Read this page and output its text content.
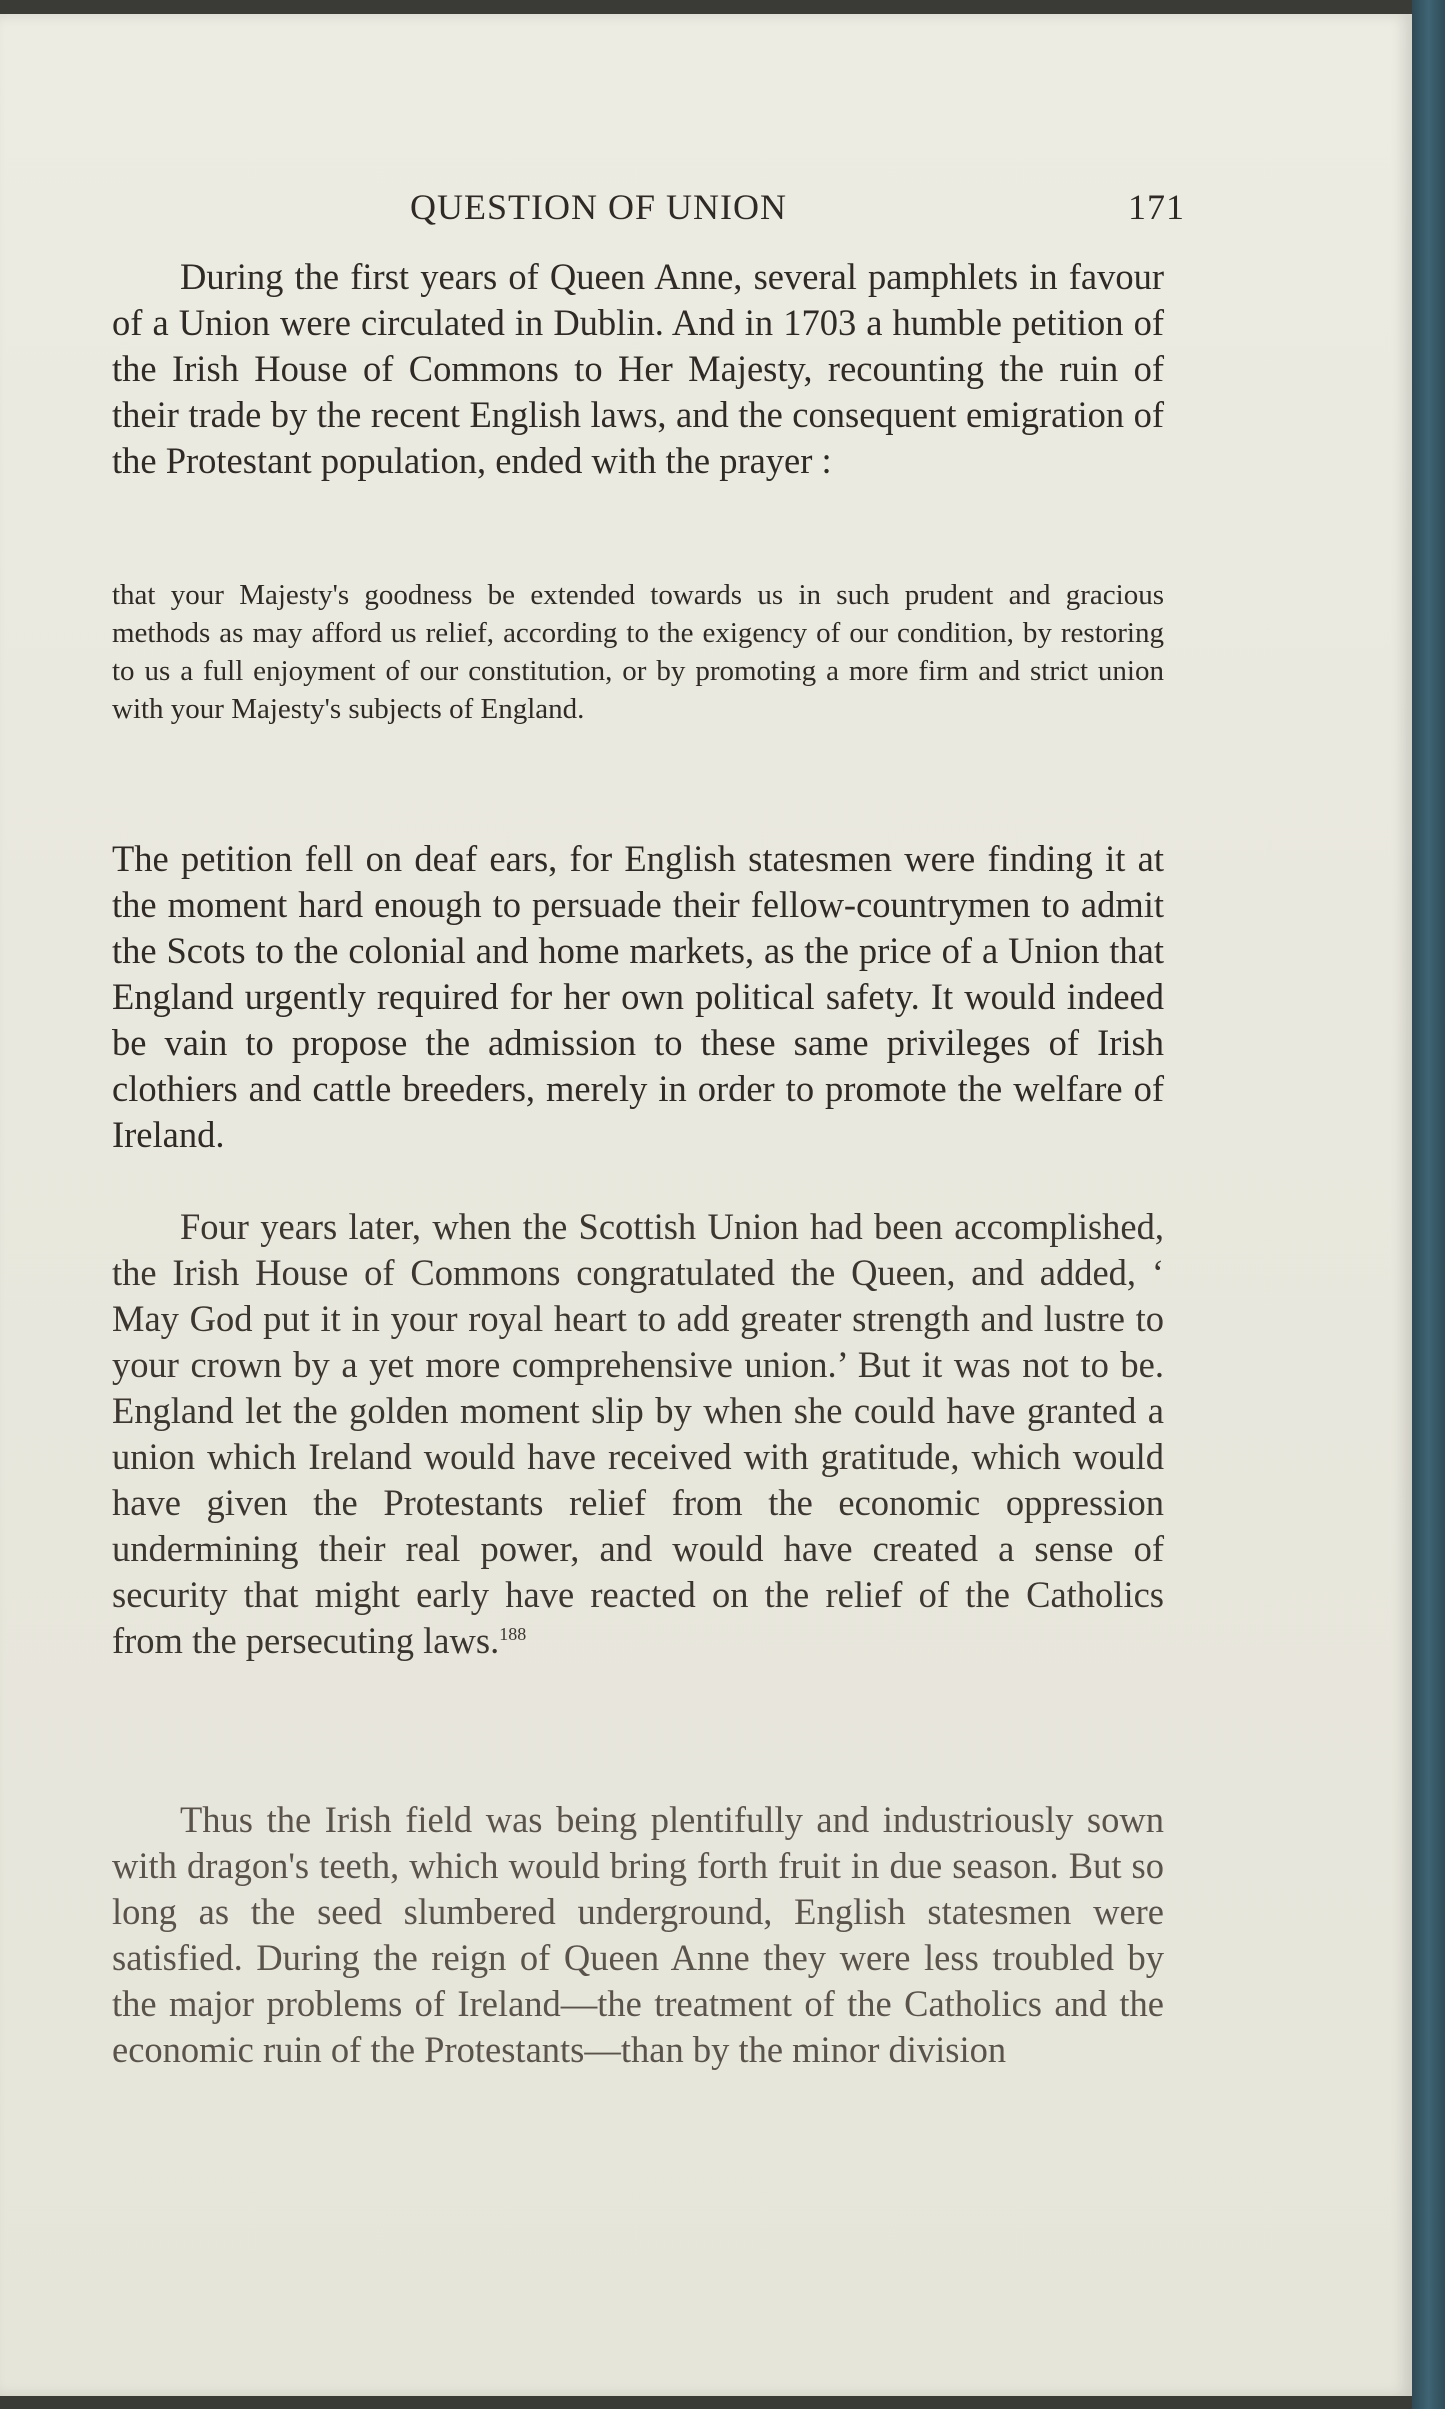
QUESTION OF UNION	171

During the first years of Queen Anne, several pamphlets in favour of a Union were circulated in Dublin. And in 1703 a humble petition of the Irish House of Commons to Her Majesty, recounting the ruin of their trade by the recent English laws, and the consequent emigration of the Protestant population, ended with the prayer :

that your Majesty's goodness be extended towards us in such prudent and gracious methods as may afford us relief, according to the exigency of our condition, by restoring to us a full enjoyment of our constitution, or by promoting a more firm and strict union with your Majesty's subjects of England.

The petition fell on deaf ears, for English statesmen were finding it at the moment hard enough to persuade their fellow-countrymen to admit the Scots to the colonial and home markets, as the price of a Union that England urgently required for her own political safety. It would indeed be vain to propose the admission to these same privileges of Irish clothiers and cattle breeders, merely in order to promote the welfare of Ireland.

Four years later, when the Scottish Union had been accomplished, the Irish House of Commons congratulated the Queen, and added, ‘ May God put it in your royal heart to add greater strength and lustre to your crown by a yet more comprehensive union.’ But it was not to be. England let the golden moment slip by when she could have granted a union which Ireland would have received with gratitude, which would have given the Protestants relief from the economic oppression undermining their real power, and would have created a sense of security that might early have reacted on the relief of the Catholics from the persecuting laws.$^{188}$

Thus the Irish field was being plentifully and industriously sown with dragon's teeth, which would bring forth fruit in due season. But so long as the seed slumbered underground, English statesmen were satisfied. During the reign of Queen Anne they were less troubled by the major problems of Ireland—the treatment of the Catholics and the economic ruin of the Protestants—than by the minor division
